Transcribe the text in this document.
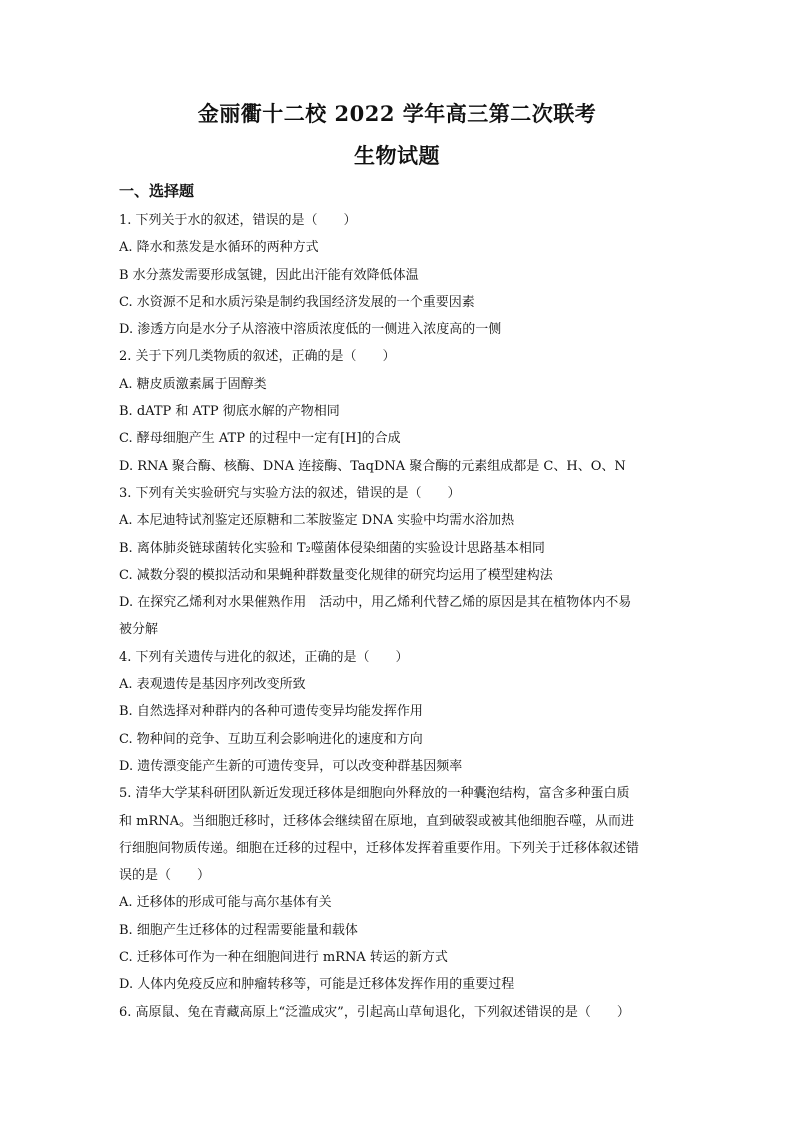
金丽衢十二校 2022 学年高三第二次联考
生物试题
一、选择题
1. 下列关于水的叙述，错误的是（　　）
A. 降水和蒸发是水循环的两种方式
B 水分蒸发需要形成氢键，因此出汗能有效降低体温
C. 水资源不足和水质污染是制约我国经济发展的一个重要因素
D. 渗透方向是水分子从溶液中溶质浓度低的一侧进入浓度高的一侧
2. 关于下列几类物质的叙述，正确的是（　　）
A. 糖皮质激素属于固醇类
B. dATP 和 ATP 彻底水解的产物相同
C. 酵母细胞产生 ATP 的过程中一定有[H]的合成
D. RNA 聚合酶、核酶、DNA 连接酶、TaqDNA 聚合酶的元素组成都是 C、H、O、N
3. 下列有关实验研究与实验方法的叙述，错误的是（　　）
A. 本尼迪特试剂鉴定还原糖和二苯胺鉴定 DNA 实验中均需水浴加热
B. 离体肺炎链球菌转化实验和 T₂噬菌体侵染细菌的实验设计思路基本相同
C. 减数分裂的模拟活动和果蝇种群数量变化规律的研究均运用了模型建构法
D. 在探究乙烯利对水果催熟作用　活动中，用乙烯利代替乙烯的原因是其在植物体内不易
被分解
4. 下列有关遗传与进化的叙述，正确的是（　　）
A. 表观遗传是基因序列改变所致
B. 自然选择对种群内的各种可遗传变异均能发挥作用
C. 物种间的竞争、互助互利会影响进化的速度和方向
D. 遗传漂变能产生新的可遗传变异，可以改变种群基因频率
5. 清华大学某科研团队新近发现迁移体是细胞向外释放的一种囊泡结构，富含多种蛋白质
和 mRNA。当细胞迁移时，迁移体会继续留在原地，直到破裂或被其他细胞吞噬，从而进
行细胞间物质传递。细胞在迁移的过程中，迁移体发挥着重要作用。下列关于迁移体叙述错
误的是（　　）
A. 迁移体的形成可能与高尔基体有关
B. 细胞产生迁移体的过程需要能量和载体
C. 迁移体可作为一种在细胞间进行 mRNA 转运的新方式
D. 人体内免疫反应和肿瘤转移等，可能是迁移体发挥作用的重要过程
6. 高原鼠、兔在青藏高原上“泛滥成灾”，引起高山草甸退化，下列叙述错误的是（　　）
